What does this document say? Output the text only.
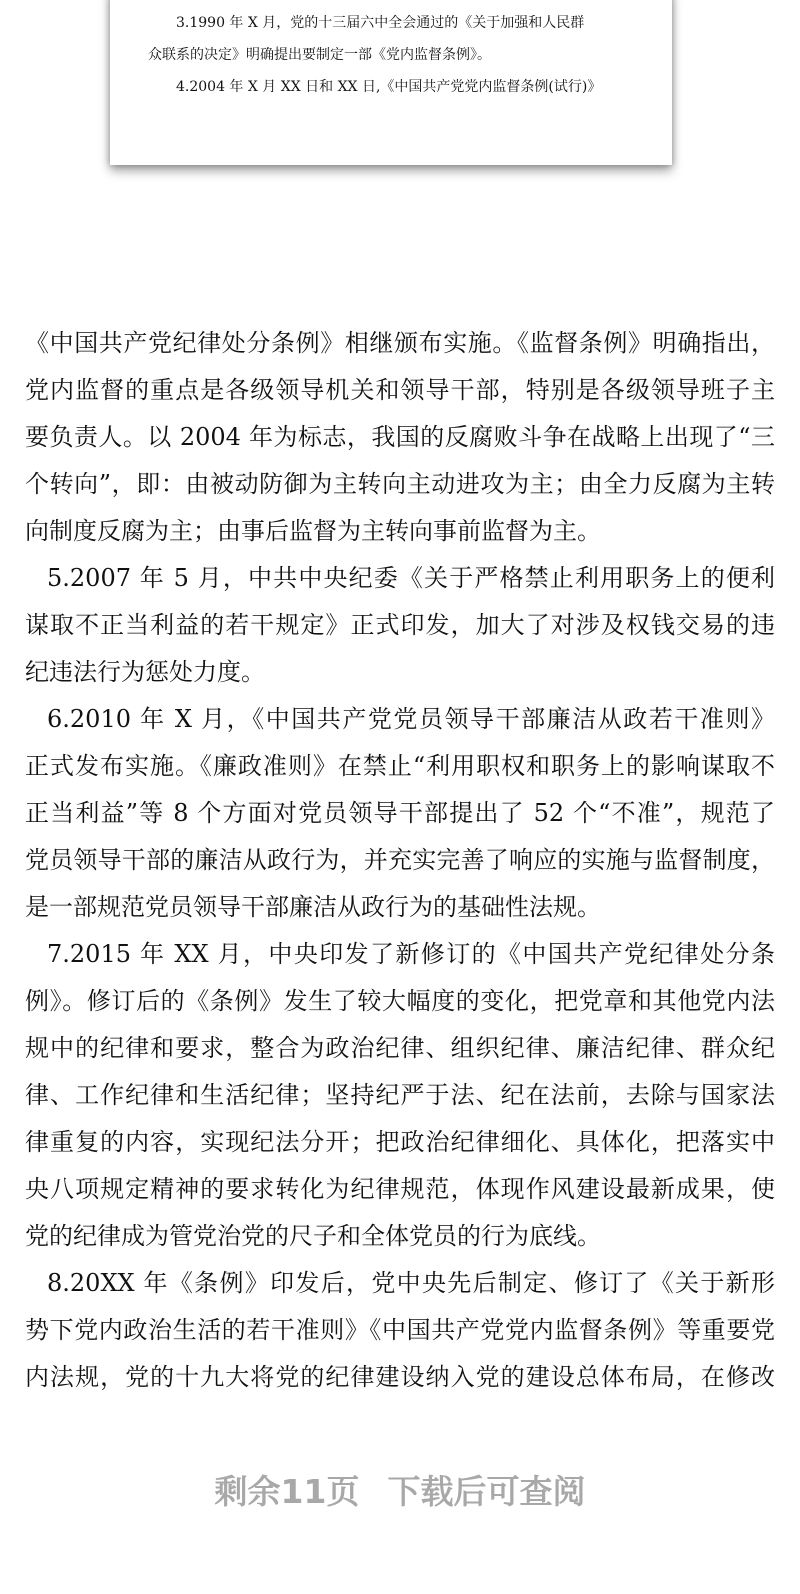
3.1990 年 X 月，党的十三届六中全会通过的《关于加强和人民群
众联系的决定》明确提出要制定一部《党内监督条例》。
4.2004 年 X 月 XX 日和 XX 日,《中国共产党党内监督条例(试行)》
《中国共产党纪律处分条例》相继颁布实施。《监督条例》明确指出，
党内监督的重点是各级领导机关和领导干部，特别是各级领导班子主
要负责人。以 2004 年为标志，我国的反腐败斗争在战略上出现了“三
个转向”，即：由被动防御为主转向主动进攻为主；由全力反腐为主转
向制度反腐为主；由事后监督为主转向事前监督为主。
5.2007 年 5 月，中共中央纪委《关于严格禁止利用职务上的便利
谋取不正当利益的若干规定》正式印发，加大了对涉及权钱交易的违
纪违法行为惩处力度。
6.2010 年 X 月，《中国共产党党员领导干部廉洁从政若干准则》
正式发布实施。《廉政准则》在禁止“利用职权和职务上的影响谋取不
正当利益”等 8 个方面对党员领导干部提出了 52 个“不准”，规范了
党员领导干部的廉洁从政行为，并充实完善了响应的实施与监督制度，
是一部规范党员领导干部廉洁从政行为的基础性法规。
7.2015 年 XX 月，中央印发了新修订的《中国共产党纪律处分条
例》。修订后的《条例》发生了较大幅度的变化，把党章和其他党内法
规中的纪律和要求，整合为政治纪律、组织纪律、廉洁纪律、群众纪
律、工作纪律和生活纪律；坚持纪严于法、纪在法前，去除与国家法
律重复的内容，实现纪法分开；把政治纪律细化、具体化，把落实中
央八项规定精神的要求转化为纪律规范，体现作风建设最新成果，使
党的纪律成为管党治党的尺子和全体党员的行为底线。
8.20XX 年《条例》印发后，党中央先后制定、修订了《关于新形
势下党内政治生活的若干准则》《中国共产党党内监督条例》等重要党
内法规，党的十九大将党的纪律建设纳入党的建设总体布局，在修改
剩余11页 下载后可查阅
